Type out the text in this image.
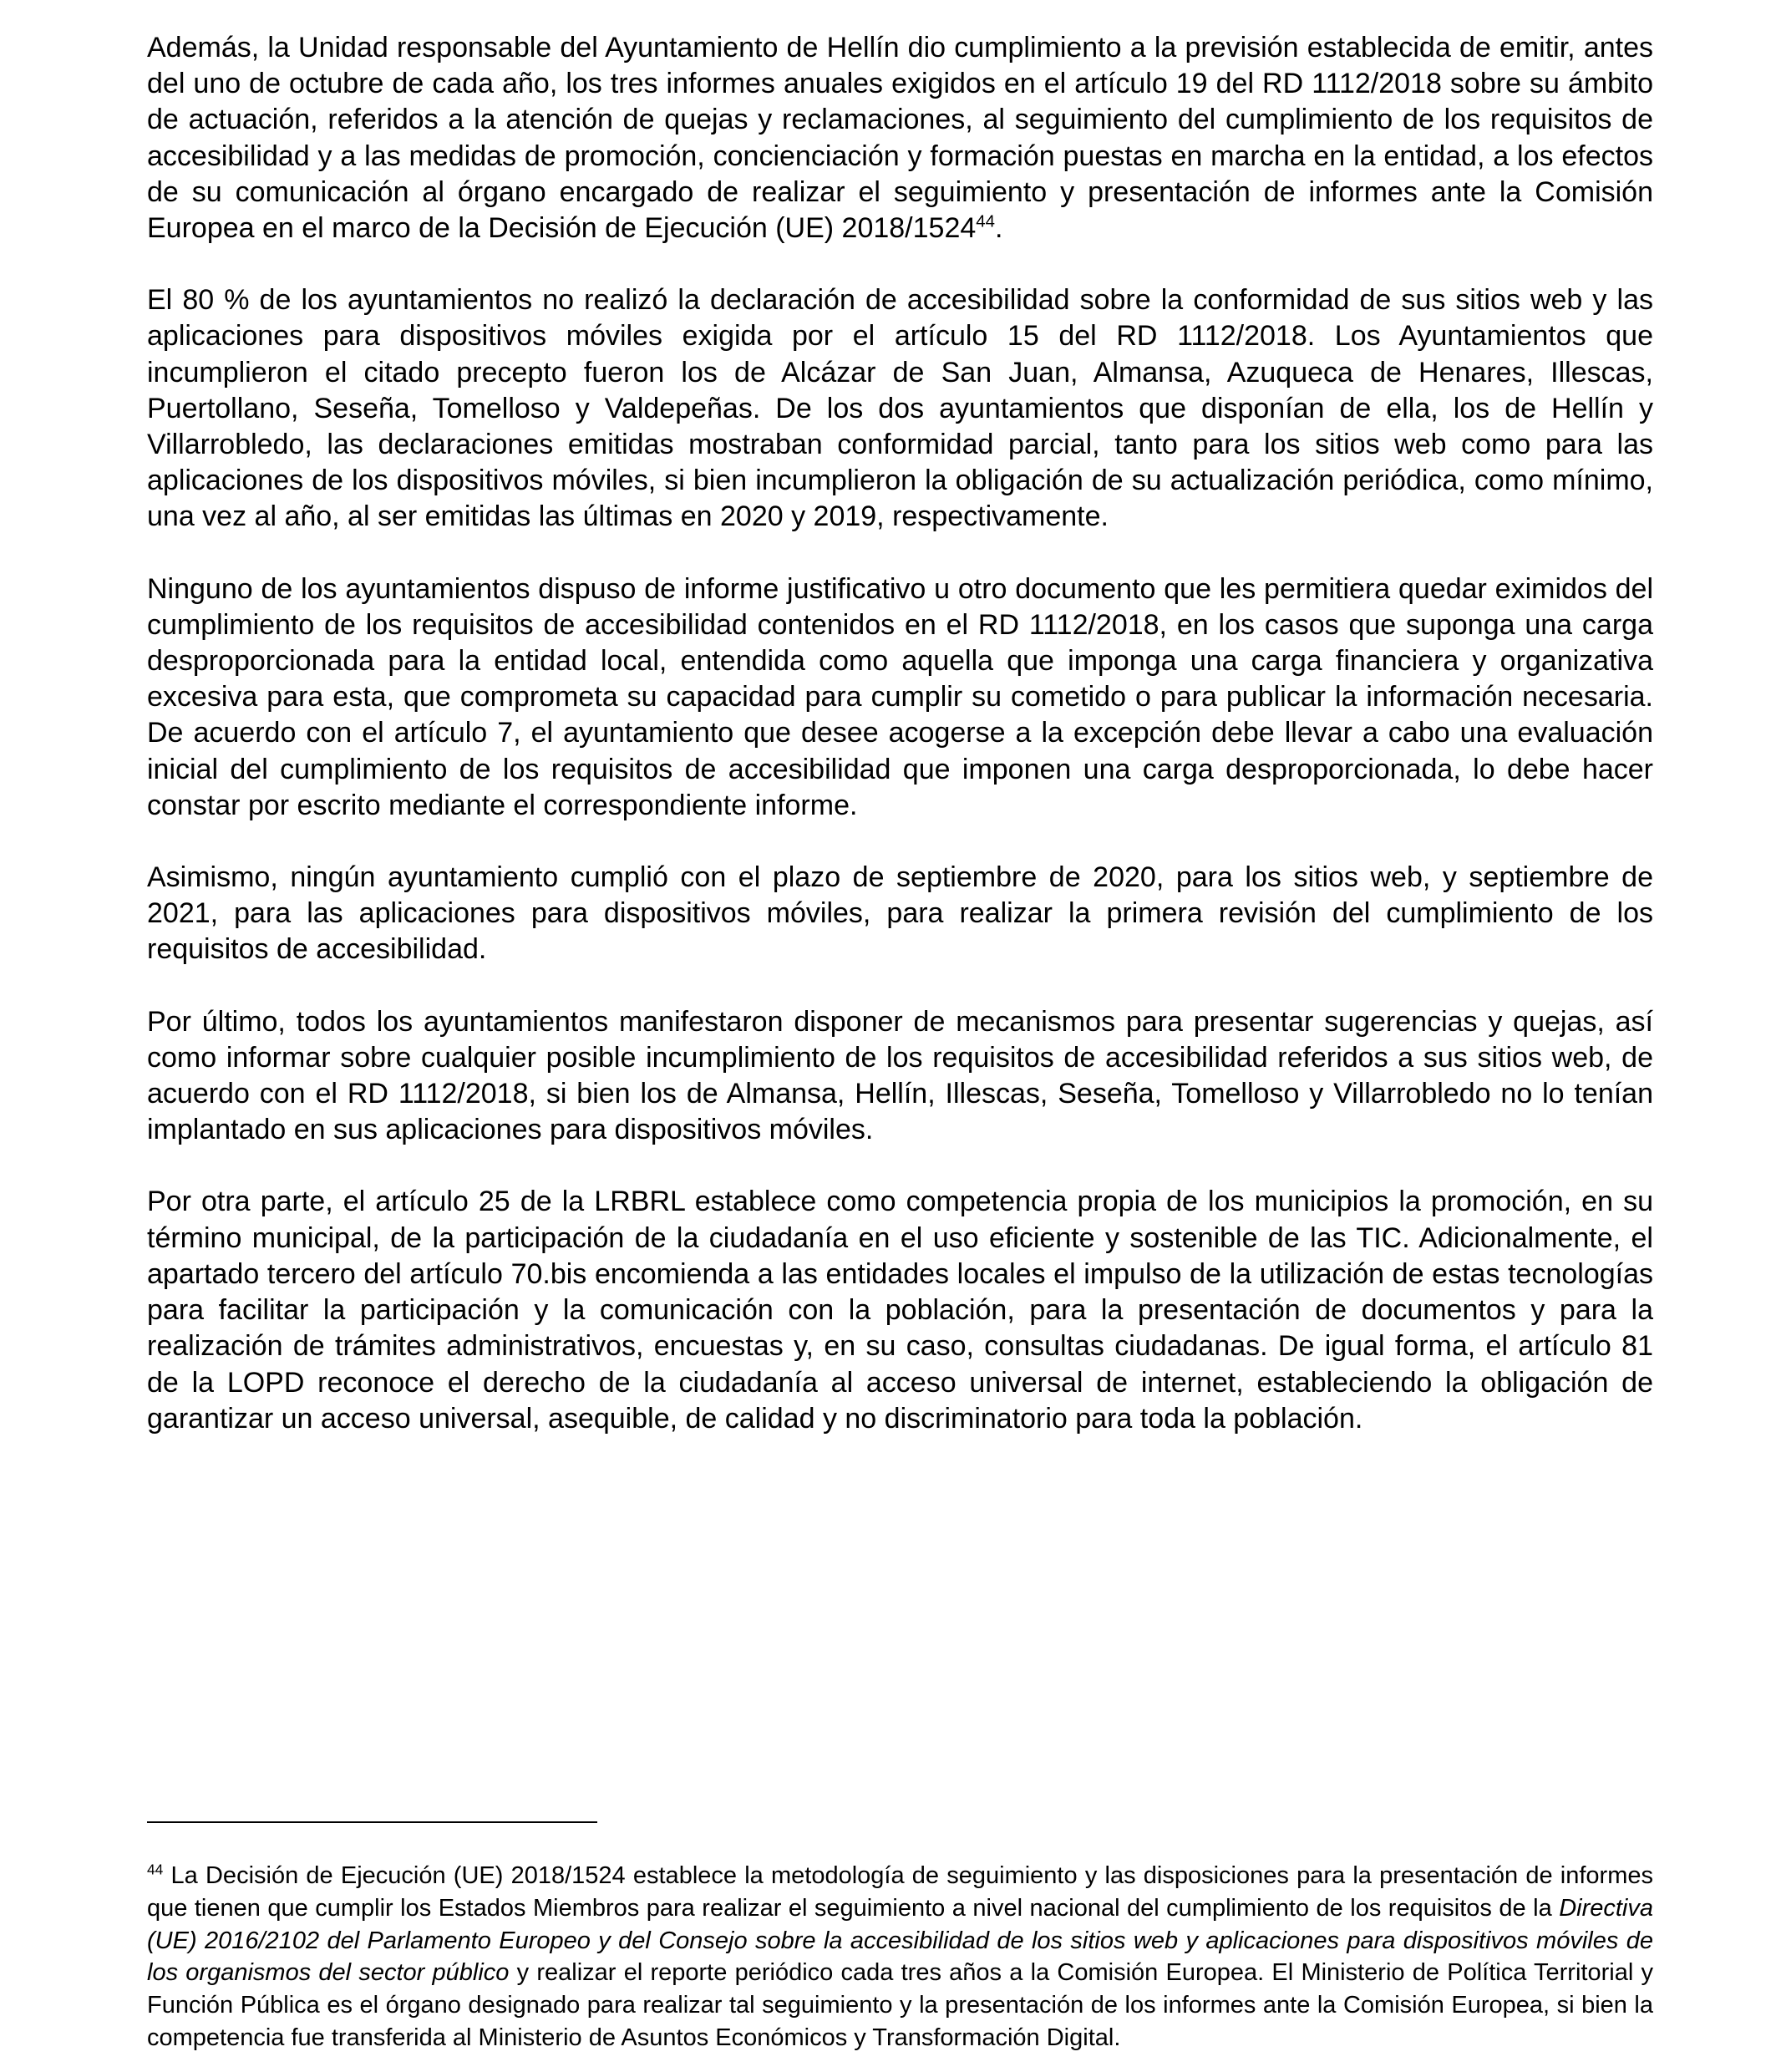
Además, la Unidad responsable del Ayuntamiento de Hellín dio cumplimiento a la previsión establecida de emitir, antes del uno de octubre de cada año, los tres informes anuales exigidos en el artículo 19 del RD 1112/2018 sobre su ámbito de actuación, referidos a la atención de quejas y reclamaciones, al seguimiento del cumplimiento de los requisitos de accesibilidad y a las medidas de promoción, concienciación y formación puestas en marcha en la entidad, a los efectos de su comunicación al órgano encargado de realizar el seguimiento y presentación de informes ante la Comisión Europea en el marco de la Decisión de Ejecución (UE) 2018/1524$^{44}$.

El 80 % de los ayuntamientos no realizó la declaración de accesibilidad sobre la conformidad de sus sitios web y las aplicaciones para dispositivos móviles exigida por el artículo 15 del RD 1112/2018. Los Ayuntamientos que incumplieron el citado precepto fueron los de Alcázar de San Juan, Almansa, Azuqueca de Henares, Illescas, Puertollano, Seseña, Tomelloso y Valdepeñas. De los dos ayuntamientos que disponían de ella, los de Hellín y Villarrobledo, las declaraciones emitidas mostraban conformidad parcial, tanto para los sitios web como para las aplicaciones de los dispositivos móviles, si bien incumplieron la obligación de su actualización periódica, como mínimo, una vez al año, al ser emitidas las últimas en 2020 y 2019, respectivamente.

Ninguno de los ayuntamientos dispuso de informe justificativo u otro documento que les permitiera quedar eximidos del cumplimiento de los requisitos de accesibilidad contenidos en el RD 1112/2018, en los casos que suponga una carga desproporcionada para la entidad local, entendida como aquella que imponga una carga financiera y organizativa excesiva para esta, que comprometa su capacidad para cumplir su cometido o para publicar la información necesaria. De acuerdo con el artículo 7, el ayuntamiento que desee acogerse a la excepción debe llevar a cabo una evaluación inicial del cumplimiento de los requisitos de accesibilidad que imponen una carga desproporcionada, lo debe hacer constar por escrito mediante el correspondiente informe.

Asimismo, ningún ayuntamiento cumplió con el plazo de septiembre de 2020, para los sitios web, y septiembre de 2021, para las aplicaciones para dispositivos móviles, para realizar la primera revisión del cumplimiento de los requisitos de accesibilidad.

Por último, todos los ayuntamientos manifestaron disponer de mecanismos para presentar sugerencias y quejas, así como informar sobre cualquier posible incumplimiento de los requisitos de accesibilidad referidos a sus sitios web, de acuerdo con el RD 1112/2018, si bien los de Almansa, Hellín, Illescas, Seseña, Tomelloso y Villarrobledo no lo tenían implantado en sus aplicaciones para dispositivos móviles.

Por otra parte, el artículo 25 de la LRBRL establece como competencia propia de los municipios la promoción, en su término municipal, de la participación de la ciudadanía en el uso eficiente y sostenible de las TIC. Adicionalmente, el apartado tercero del artículo 70.bis encomienda a las entidades locales el impulso de la utilización de estas tecnologías para facilitar la participación y la comunicación con la población, para la presentación de documentos y para la realización de trámites administrativos, encuestas y, en su caso, consultas ciudadanas. De igual forma, el artículo 81 de la LOPD reconoce el derecho de la ciudadanía al acceso universal de internet, estableciendo la obligación de garantizar un acceso universal, asequible, de calidad y no discriminatorio para toda la población.

$^{44}$ La Decisión de Ejecución (UE) 2018/1524 establece la metodología de seguimiento y las disposiciones para la presentación de informes que tienen que cumplir los Estados Miembros para realizar el seguimiento a nivel nacional del cumplimiento de los requisitos de la Directiva (UE) 2016/2102 del Parlamento Europeo y del Consejo sobre la accesibilidad de los sitios web y aplicaciones para dispositivos móviles de los organismos del sector público y realizar el reporte periódico cada tres años a la Comisión Europea. El Ministerio de Política Territorial y Función Pública es el órgano designado para realizar tal seguimiento y la presentación de los informes ante la Comisión Europea, si bien la competencia fue transferida al Ministerio de Asuntos Económicos y Transformación Digital.
